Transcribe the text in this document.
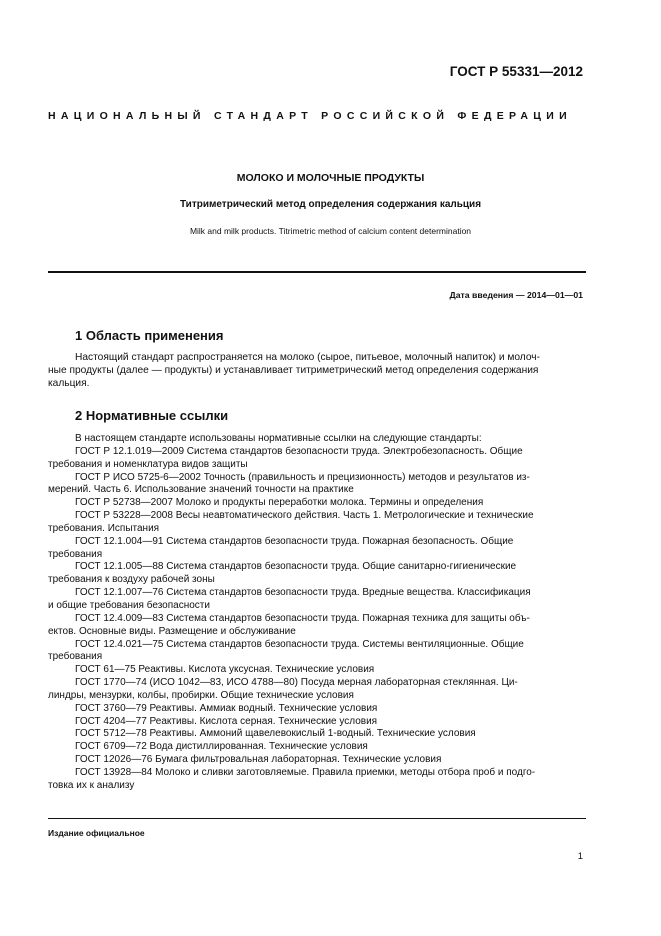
ГОСТ Р 55331—2012
НАЦИОНАЛЬНЫЙ СТАНДАРТ РОССИЙСКОЙ ФЕДЕРАЦИИ
МОЛОКО И МОЛОЧНЫЕ ПРОДУКТЫ
Титриметрический метод определения содержания кальция
Milk and milk products. Titrimetric method of calcium content determination
Дата введения — 2014—01—01
1 Область применения
Настоящий стандарт распространяется на молоко (сырое, питьевое, молочный напиток) и молоч-
ные продукты (далее — продукты) и устанавливает титриметрический метод определения содержания
кальция.
2 Нормативные ссылки
В настоящем стандарте использованы нормативные ссылки на следующие стандарты:
ГОСТ Р 12.1.019—2009 Система стандартов безопасности труда. Электробезопасность. Общие
требования и номенклатура видов защиты
ГОСТ Р ИСО 5725-6—2002 Точность (правильность и прецизионность) методов и результатов из-
мерений. Часть 6. Использование значений точности на практике
ГОСТ Р 52738—2007 Молоко и продукты переработки молока. Термины и определения
ГОСТ Р 53228—2008 Весы неавтоматического действия. Часть 1. Метрологические и технические
требования. Испытания
ГОСТ 12.1.004—91 Система стандартов безопасности труда. Пожарная безопасность. Общие
требования
ГОСТ 12.1.005—88 Система стандартов безопасности труда. Общие санитарно-гигиенические
требования к воздуху рабочей зоны
ГОСТ 12.1.007—76 Система стандартов безопасности труда. Вредные вещества. Классификация
и общие требования безопасности
ГОСТ 12.4.009—83 Система стандартов безопасности труда. Пожарная техника для защиты объ-
ектов. Основные виды. Размещение и обслуживание
ГОСТ 12.4.021—75 Система стандартов безопасности труда. Системы вентиляционные. Общие
требования
ГОСТ 61—75 Реактивы. Кислота уксусная. Технические условия
ГОСТ 1770—74 (ИСО 1042—83, ИСО 4788—80) Посуда мерная лабораторная стеклянная. Ци-
линдры, мензурки, колбы, пробирки. Общие технические условия
ГОСТ 3760—79 Реактивы. Аммиак водный. Технические условия
ГОСТ 4204—77 Реактивы. Кислота серная. Технические условия
ГОСТ 5712—78 Реактивы. Аммоний щавелевокислый 1-водный. Технические условия
ГОСТ 6709—72 Вода дистиллированная. Технические условия
ГОСТ 12026—76 Бумага фильтровальная лабораторная. Технические условия
ГОСТ 13928—84 Молоко и сливки заготовляемые. Правила приемки, методы отбора проб и подго-
товка их к анализу
Издание официальное
1
